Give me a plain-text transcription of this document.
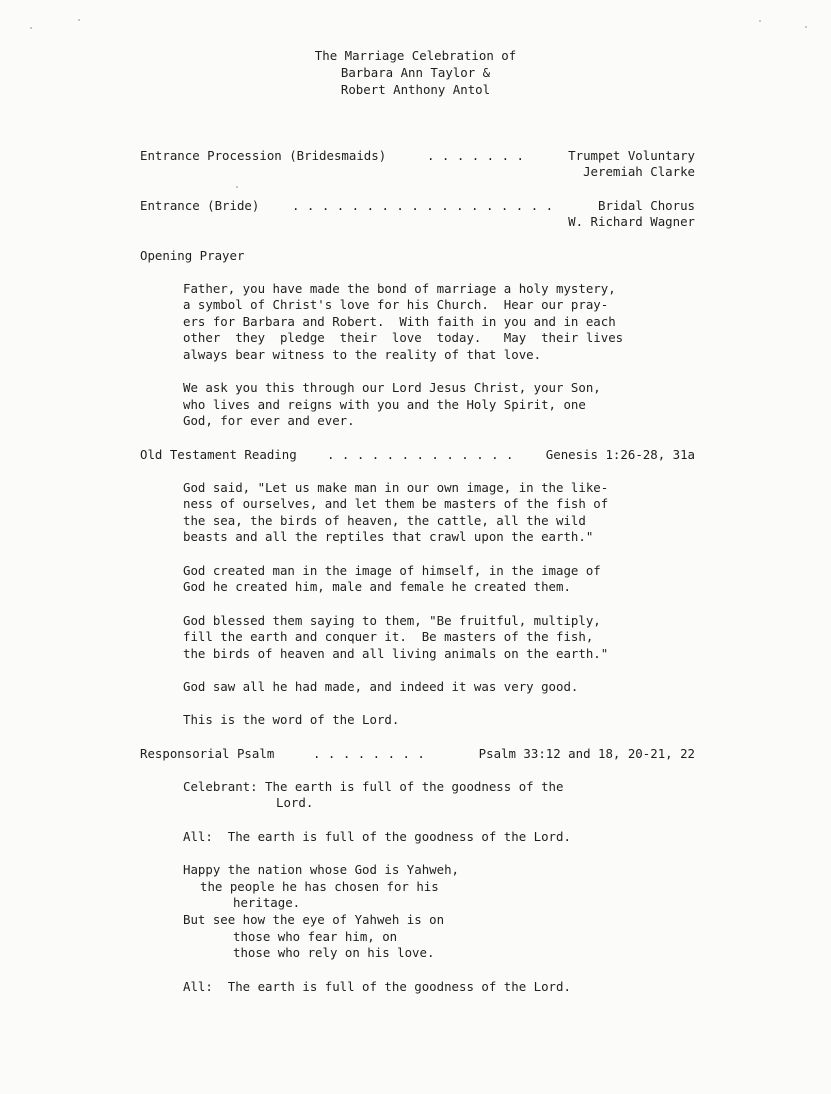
The Marriage Celebration of
Barbara Ann Taylor &
Robert Anthony Antol
Entrance Procession (Bridesmaids)	. . . . . . .	Trumpet Voluntary
Jeremiah Clarke
Entrance (Bride)	. . . . . . . . . . . . . . . . . .	Bridal Chorus
W. Richard Wagner
Opening Prayer
Father, you have made the bond of marriage a holy mystery,
a symbol of Christ's love for his Church.  Hear our pray-
ers for Barbara and Robert.  With faith in you and in each
other  they  pledge  their  love  today.   May  their lives
always bear witness to the reality of that love.
We ask you this through our Lord Jesus Christ, your Son,
who lives and reigns with you and the Holy Spirit, one
God, for ever and ever.
Old Testament Reading . . . . . . . . . . . . .	Genesis 1:26-28, 31a
God said, "Let us make man in our own image, in the like-
ness of ourselves, and let them be masters of the fish of
the sea, the birds of heaven, the cattle, all the wild
beasts and all the reptiles that crawl upon the earth."
God created man in the image of himself, in the image of
God he created him, male and female he created them.
God blessed them saying to them, "Be fruitful, multiply,
fill the earth and conquer it.  Be masters of the fish,
the birds of heaven and all living animals on the earth."
God saw all he had made, and indeed it was very good.
This is the word of the Lord.
Responsorial Psalm	. . . . . . . .	Psalm 33:12 and 18, 20-21, 22
Celebrant: The earth is full of the goodness of the
Lord.
All:  The earth is full of the goodness of the Lord.
Happy the nation whose God is Yahweh,
the people he has chosen for his
heritage.
But see how the eye of Yahweh is on
those who fear him, on
those who rely on his love.
All:  The earth is full of the goodness of the Lord.
